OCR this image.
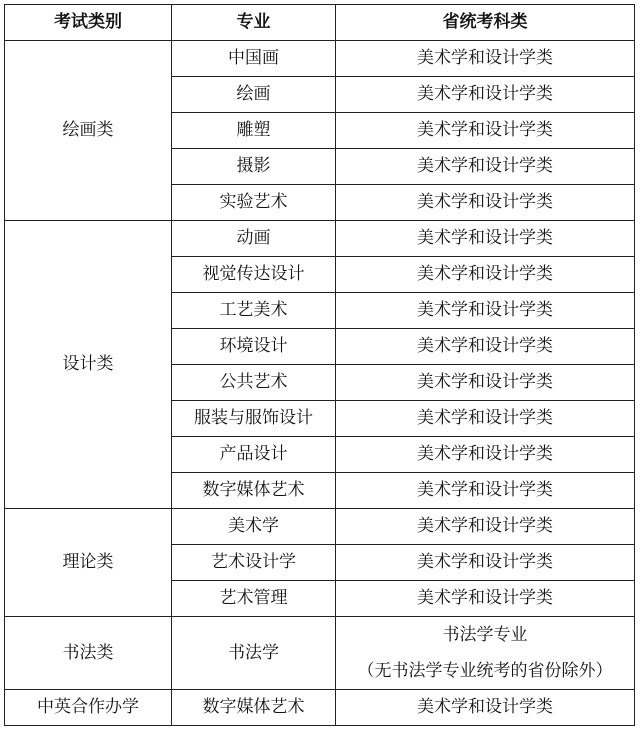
考试类别	专业	省统考科类
绘画类	中国画	美术学和设计学类
	绘画	美术学和设计学类
	雕塑	美术学和设计学类
	摄影	美术学和设计学类
	实验艺术	美术学和设计学类
设计类	动画	美术学和设计学类
	视觉传达设计	美术学和设计学类
	工艺美术	美术学和设计学类
	环境设计	美术学和设计学类
	公共艺术	美术学和设计学类
	服装与服饰设计	美术学和设计学类
	产品设计	美术学和设计学类
	数字媒体艺术	美术学和设计学类
理论类	美术学	美术学和设计学类
	艺术设计学	美术学和设计学类
	艺术管理	美术学和设计学类
书法类	书法学	书法学专业
（无书法学专业统考的省份除外）

中英合作办学	数字媒体艺术	美术学和设计学类
